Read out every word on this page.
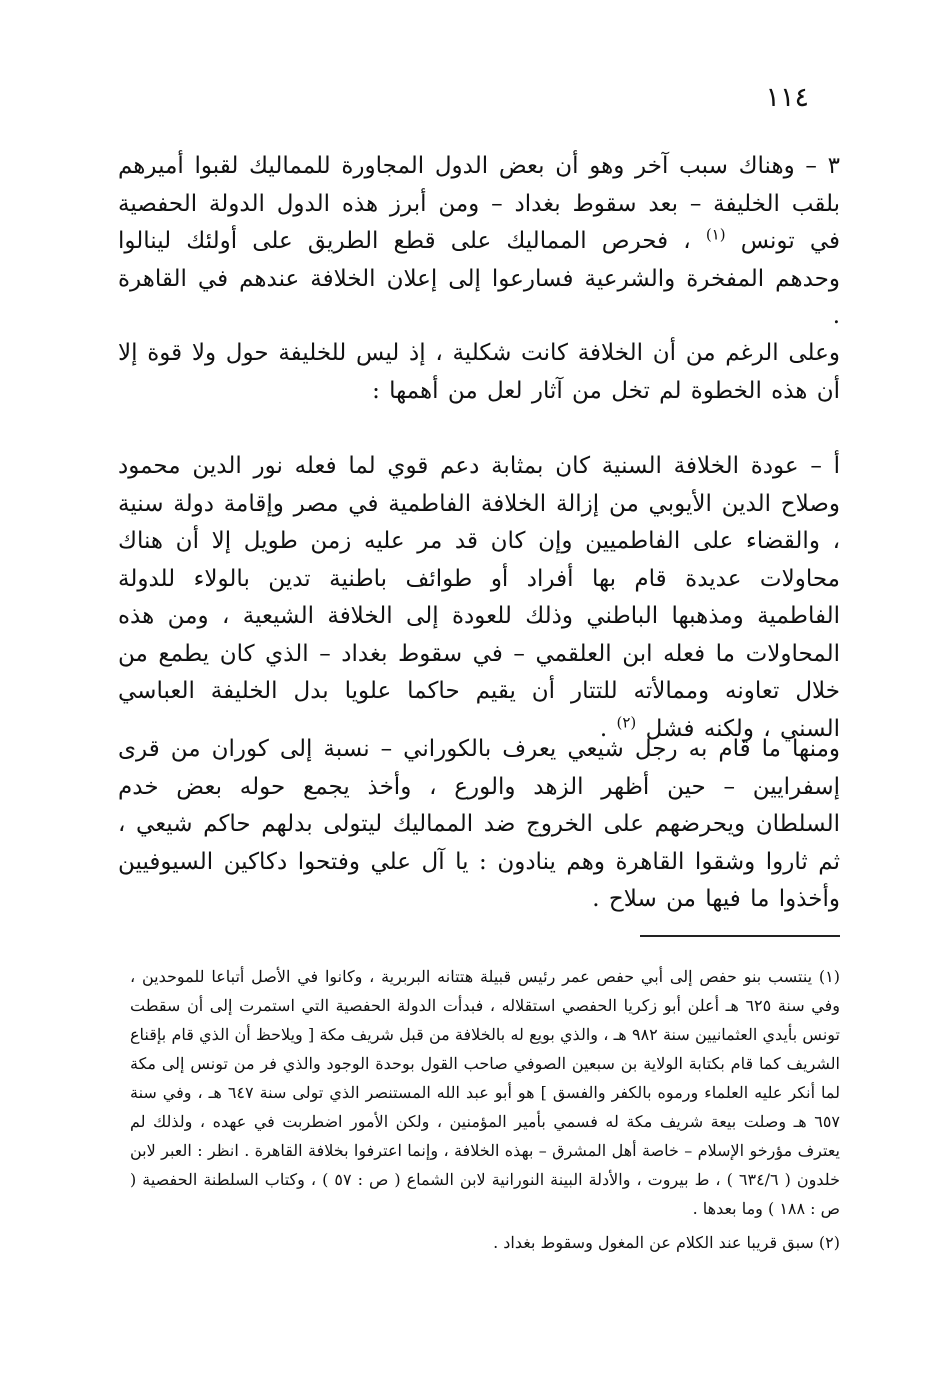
١١٤

٣ – وهناك سبب آخر وهو أن بعض الدول المجاورة للمماليك لقبوا أميرهم بلقب الخليفة – بعد سقوط بغداد – ومن أبرز هذه الدول الدولة الحفصية في تونس $^{(١)}$ ، فحرص المماليك على قطع الطريق على أولئك لينالوا وحدهم المفخرة والشرعية فسارعوا إلى إعلان الخلافة عندهم في القاهرة .

وعلى الرغم من أن الخلافة كانت شكلية ، إذ ليس للخليفة حول ولا قوة إلا أن هذه الخطوة لم تخل من آثار لعل من أهمها :

أ – عودة الخلافة السنية كان بمثابة دعم قوي لما فعله نور الدين محمود وصلاح الدين الأيوبي من إزالة الخلافة الفاطمية في مصر وإقامة دولة سنية ، والقضاء على الفاطميين وإن كان قد مر عليه زمن طويل إلا أن هناك محاولات عديدة قام بها أفراد أو طوائف باطنية تدين بالولاء للدولة الفاطمية ومذهبها الباطني وذلك للعودة إلى الخلافة الشيعية ، ومن هذه المحاولات ما فعله ابن العلقمي – في سقوط بغداد – الذي كان يطمع من خلال تعاونه وممالأته للتتار أن يقيم حاكما علويا بدل الخليفة العباسي السني ، ولكنه فشل $^{(٢)}$ .

ومنها ما قام به رجل شيعي يعرف بالكوراني – نسبة إلى كوران من قرى إسفرايين – حين أظهر الزهد والورع ، وأخذ يجمع حوله بعض خدم السلطان ويحرضهم على الخروج ضد المماليك ليتولى بدلهم حاكم شيعي ، ثم ثاروا وشقوا القاهرة وهم ينادون : يا آل علي وفتحوا دكاكين السيوفيين وأخذوا ما فيها من سلاح .

(١) ينتسب بنو حفص إلى أبي حفص عمر رئيس قبيلة هتتانه البربرية ، وكانوا في الأصل أتباعا للموحدين ، وفي سنة ٦٢٥ هـ أعلن أبو زكريا الحفصي استقلاله ، فبدأت الدولة الحفصية التي استمرت إلى أن سقطت تونس بأيدي العثمانيين سنة ٩٨٢ هـ ، والذي بويع له بالخلافة من قبل شريف مكة [ ويلاحظ أن الذي قام بإقناع الشريف كما قام بكتابة الولاية بن سبعين الصوفي صاحب القول بوحدة الوجود والذي فر من تونس إلى مكة لما أنكر عليه العلماء ورموه بالكفر والفسق ] هو أبو عبد الله المستنصر الذي تولى سنة ٦٤٧ هـ ، وفي سنة ٦٥٧ هـ وصلت بيعة شريف مكة له فسمي بأمير المؤمنين ، ولكن الأمور اضطربت في عهده ، ولذلك لم يعترف مؤرخو الإسلام – خاصة أهل المشرق – بهذه الخلافة ، وإنما اعترفوا بخلافة القاهرة . انظر : العبر لابن خلدون ( ٦٣٤/٦ ) ، ط بيروت ، والأدلة البينة النورانية لابن الشماع ( ص : ٥٧ ) ، وكتاب السلطنة الحفصية ( ص : ١٨٨ ) وما بعدها .

(٢) سبق قريبا عند الكلام عن المغول وسقوط بغداد .
